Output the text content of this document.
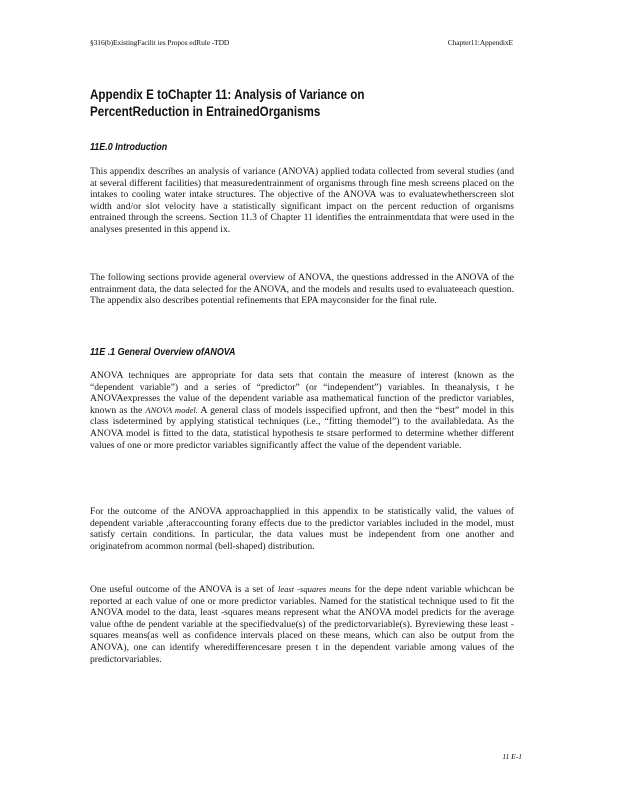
§316(b)ExistingFacilit ies Propos edRule -TDD	Chapter11:AppendixE
Appendix E toChapter 11: Analysis of Variance on
PercentReduction in EntrainedOrganisms
11E.0 Introduction

This appendix describes an analysis of variance (ANOVA) applied todata collected from several studies (and at several different facilities) that measuredentrainment of organisms through fine mesh screens placed on the intakes to cooling water intake structures. The objective of the ANOVA was to evaluatewhetherscreen slot width and/or slot velocity have a statistically significant impact on the percent reduction of organisms entrained through the screens. Section 11.3 of Chapter 11 identifies the entrainmentdata that were used in the analyses presented in this append ix.

The following sections provide ageneral overview of ANOVA, the questions addressed in the ANOVA of the entrainment data, the data selected for the ANOVA, and the models and results used to evaluateeach question. The appendix also describes potential refinements that EPA mayconsider for the final rule.

11E .1 General Overview ofANOVA

ANOVA techniques are appropriate for data sets that contain the measure of interest (known as the “dependent variable”) and a series of “predictor” (or “independent”) variables. In theanalysis, t he ANOVAexpresses the value of the dependent variable asa mathematical function of the predictor variables, known as the ANOVA model. A general class of models isspecified upfront, and then the “best” model in this class isdetermined by applying statistical techniques (i.e., “fitting themodel”) to the availabledata. As the ANOVA model is fitted to the data, statistical hypothesis te stsare performed to determine whether different values of one or more predictor variables significantly affect the value of the dependent variable.

For the outcome of the ANOVA approachapplied in this appendix to be statistically valid, the values of dependent variable ,afteraccounting forany effects due to the predictor variables included in the model, must satisfy certain conditions. In particular, the data values must be independent from one another and originatefrom acommon normal (bell-shaped) distribution.

One useful outcome of the ANOVA is a set of least -squares means for the depe ndent variable whichcan be reported at each value of one or more predictor variables. Named for the statistical technique used to fit the ANOVA model to the data, least -squares means represent what the ANOVA model predicts for the average value ofthe de pendent variable at the specifiedvalue(s) of the predictorvariable(s). Byreviewing these least - squares means(as well as confidence intervals placed on these means, which can also be output from the ANOVA), one can identify wheredifferencesare presen t in the dependent variable among values of the predictorvariables.

11 E-1
